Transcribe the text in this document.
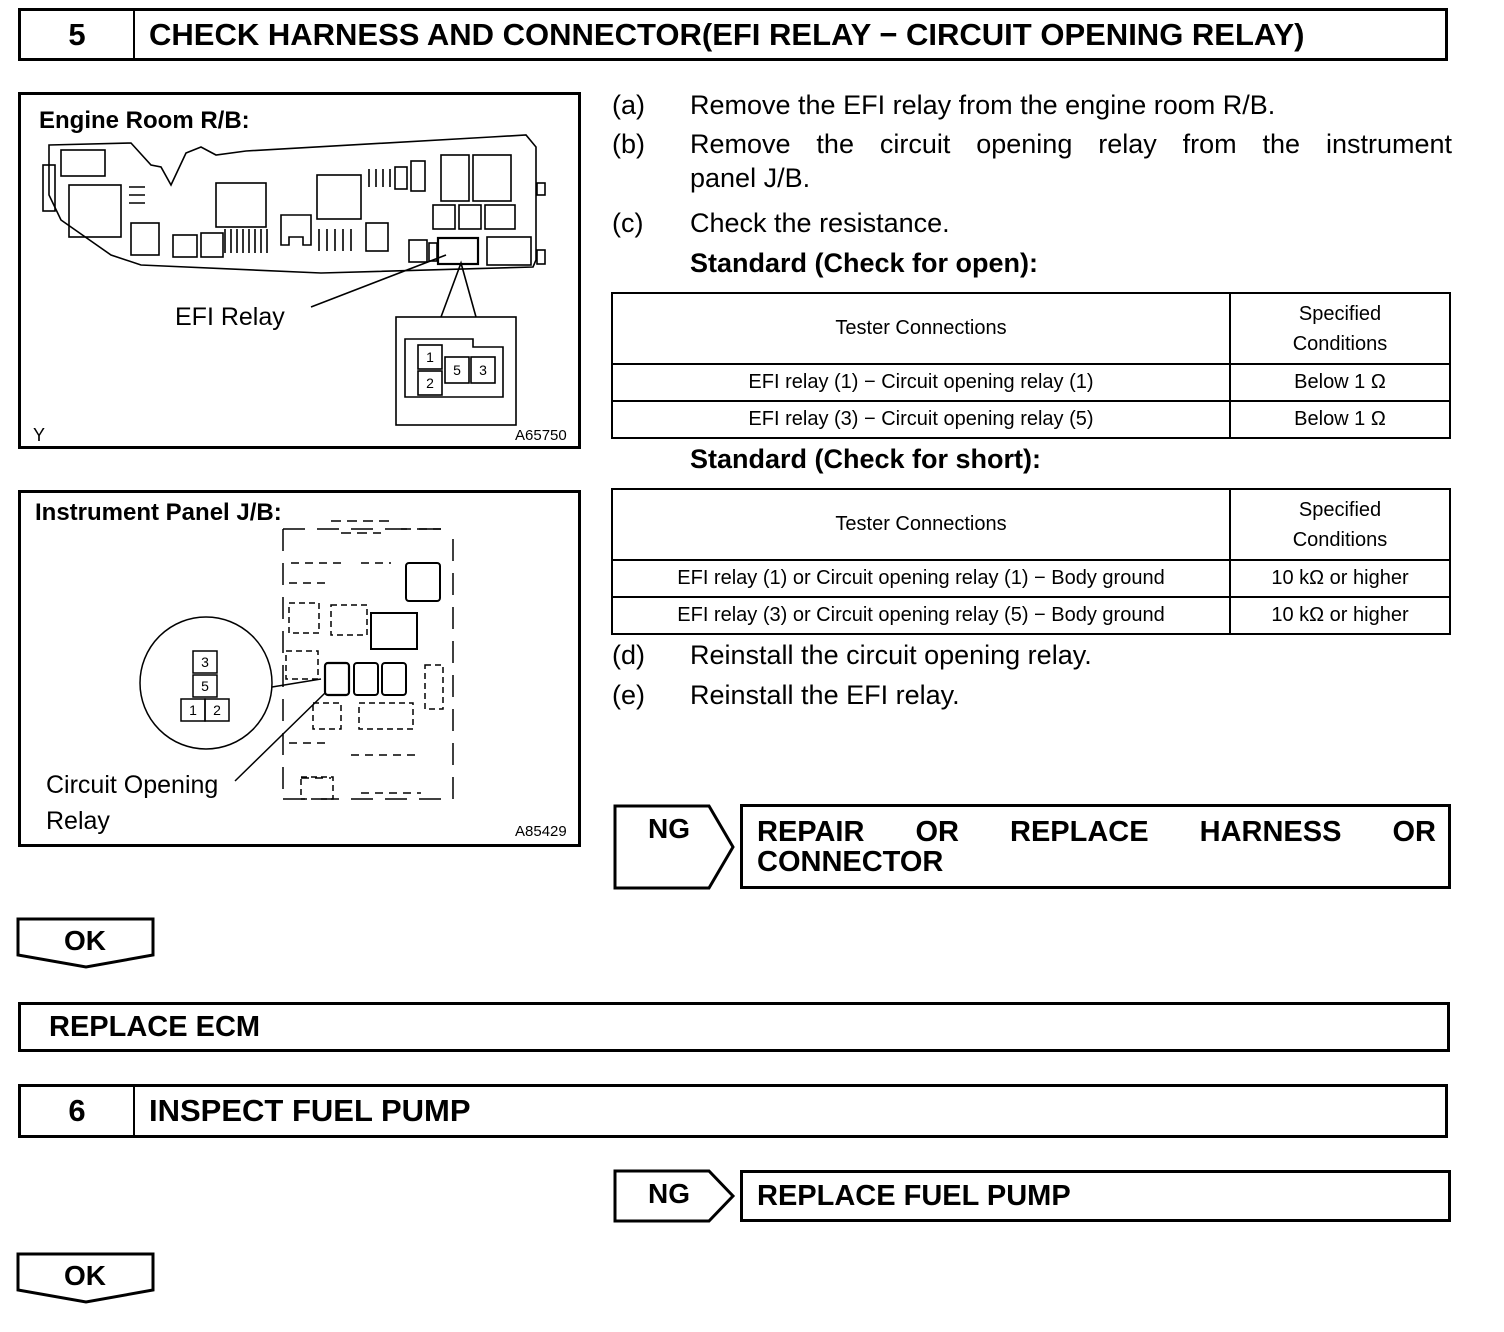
5	CHECK HARNESS AND CONNECTOR(EFI RELAY − CIRCUIT OPENING RELAY)
1
2
5 3
Engine Room R/B:
EFI Relay
Y	A65750
3
5
1 2
Instrument Panel J/B:
Circuit Opening
Relay	A85429
(a)	Remove the EFI relay from the engine room R/B.
(b)	Remove the circuit opening relay from the instrument
panel J/B.
(c)	Check the resistance.
Standard (Check for open):
Tester Connections	Specified
Conditions

EFI relay (1) − Circuit opening relay (1)	Below 1 Ω
EFI relay (3) − Circuit opening relay (5)	Below 1 Ω
Standard (Check for short):
Tester Connections	Specified
Conditions

EFI relay (1) or Circuit opening relay (1) − Body ground	10 kΩ or higher
EFI relay (3) or Circuit opening relay (5) − Body ground	10 kΩ or higher
(d)	Reinstall the circuit opening relay.
(e)	Reinstall the EFI relay.
NG REPAIR OR REPLACE HARNESS OR
CONNECTOR
OK
REPLACE ECM
6	INSPECT FUEL PUMP
NG	REPLACE FUEL PUMP
OK
